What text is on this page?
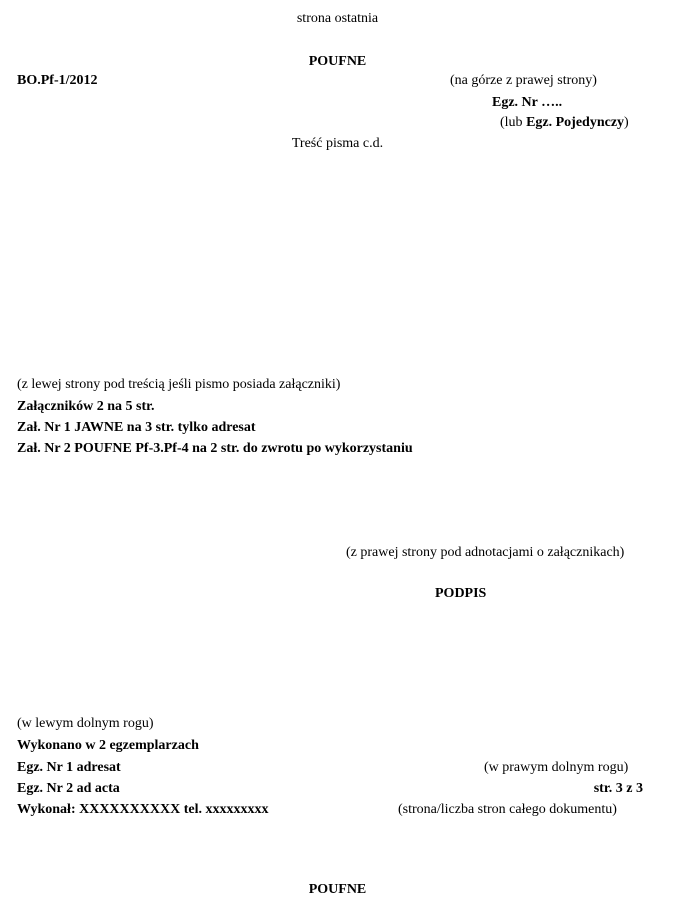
strona ostatnia
POUFNE
BO.Pf-1/2012	(na górze z prawej strony)
Egz. Nr …..
(lub Egz. Pojedynczy)
Treść pisma c.d.
(z lewej strony pod treścią jeśli pismo posiada załączniki)
Załączników 2 na 5 str.
Zał. Nr 1 JAWNE na 3 str. tylko adresat
Zał. Nr 2 POUFNE Pf-3.Pf-4 na 2 str. do zwrotu po wykorzystaniu
(z prawej strony pod adnotacjami o załącznikach)
PODPIS
(w lewym dolnym rogu)
Wykonano w 2 egzemplarzach
Egz. Nr 1 adresat
Egz. Nr 2 ad acta
Wykonał: XXXXXXXXXX tel. xxxxxxxxx
(w prawym dolnym rogu)
str. 3 z 3
(strona/liczba stron całego dokumentu)
POUFNE
